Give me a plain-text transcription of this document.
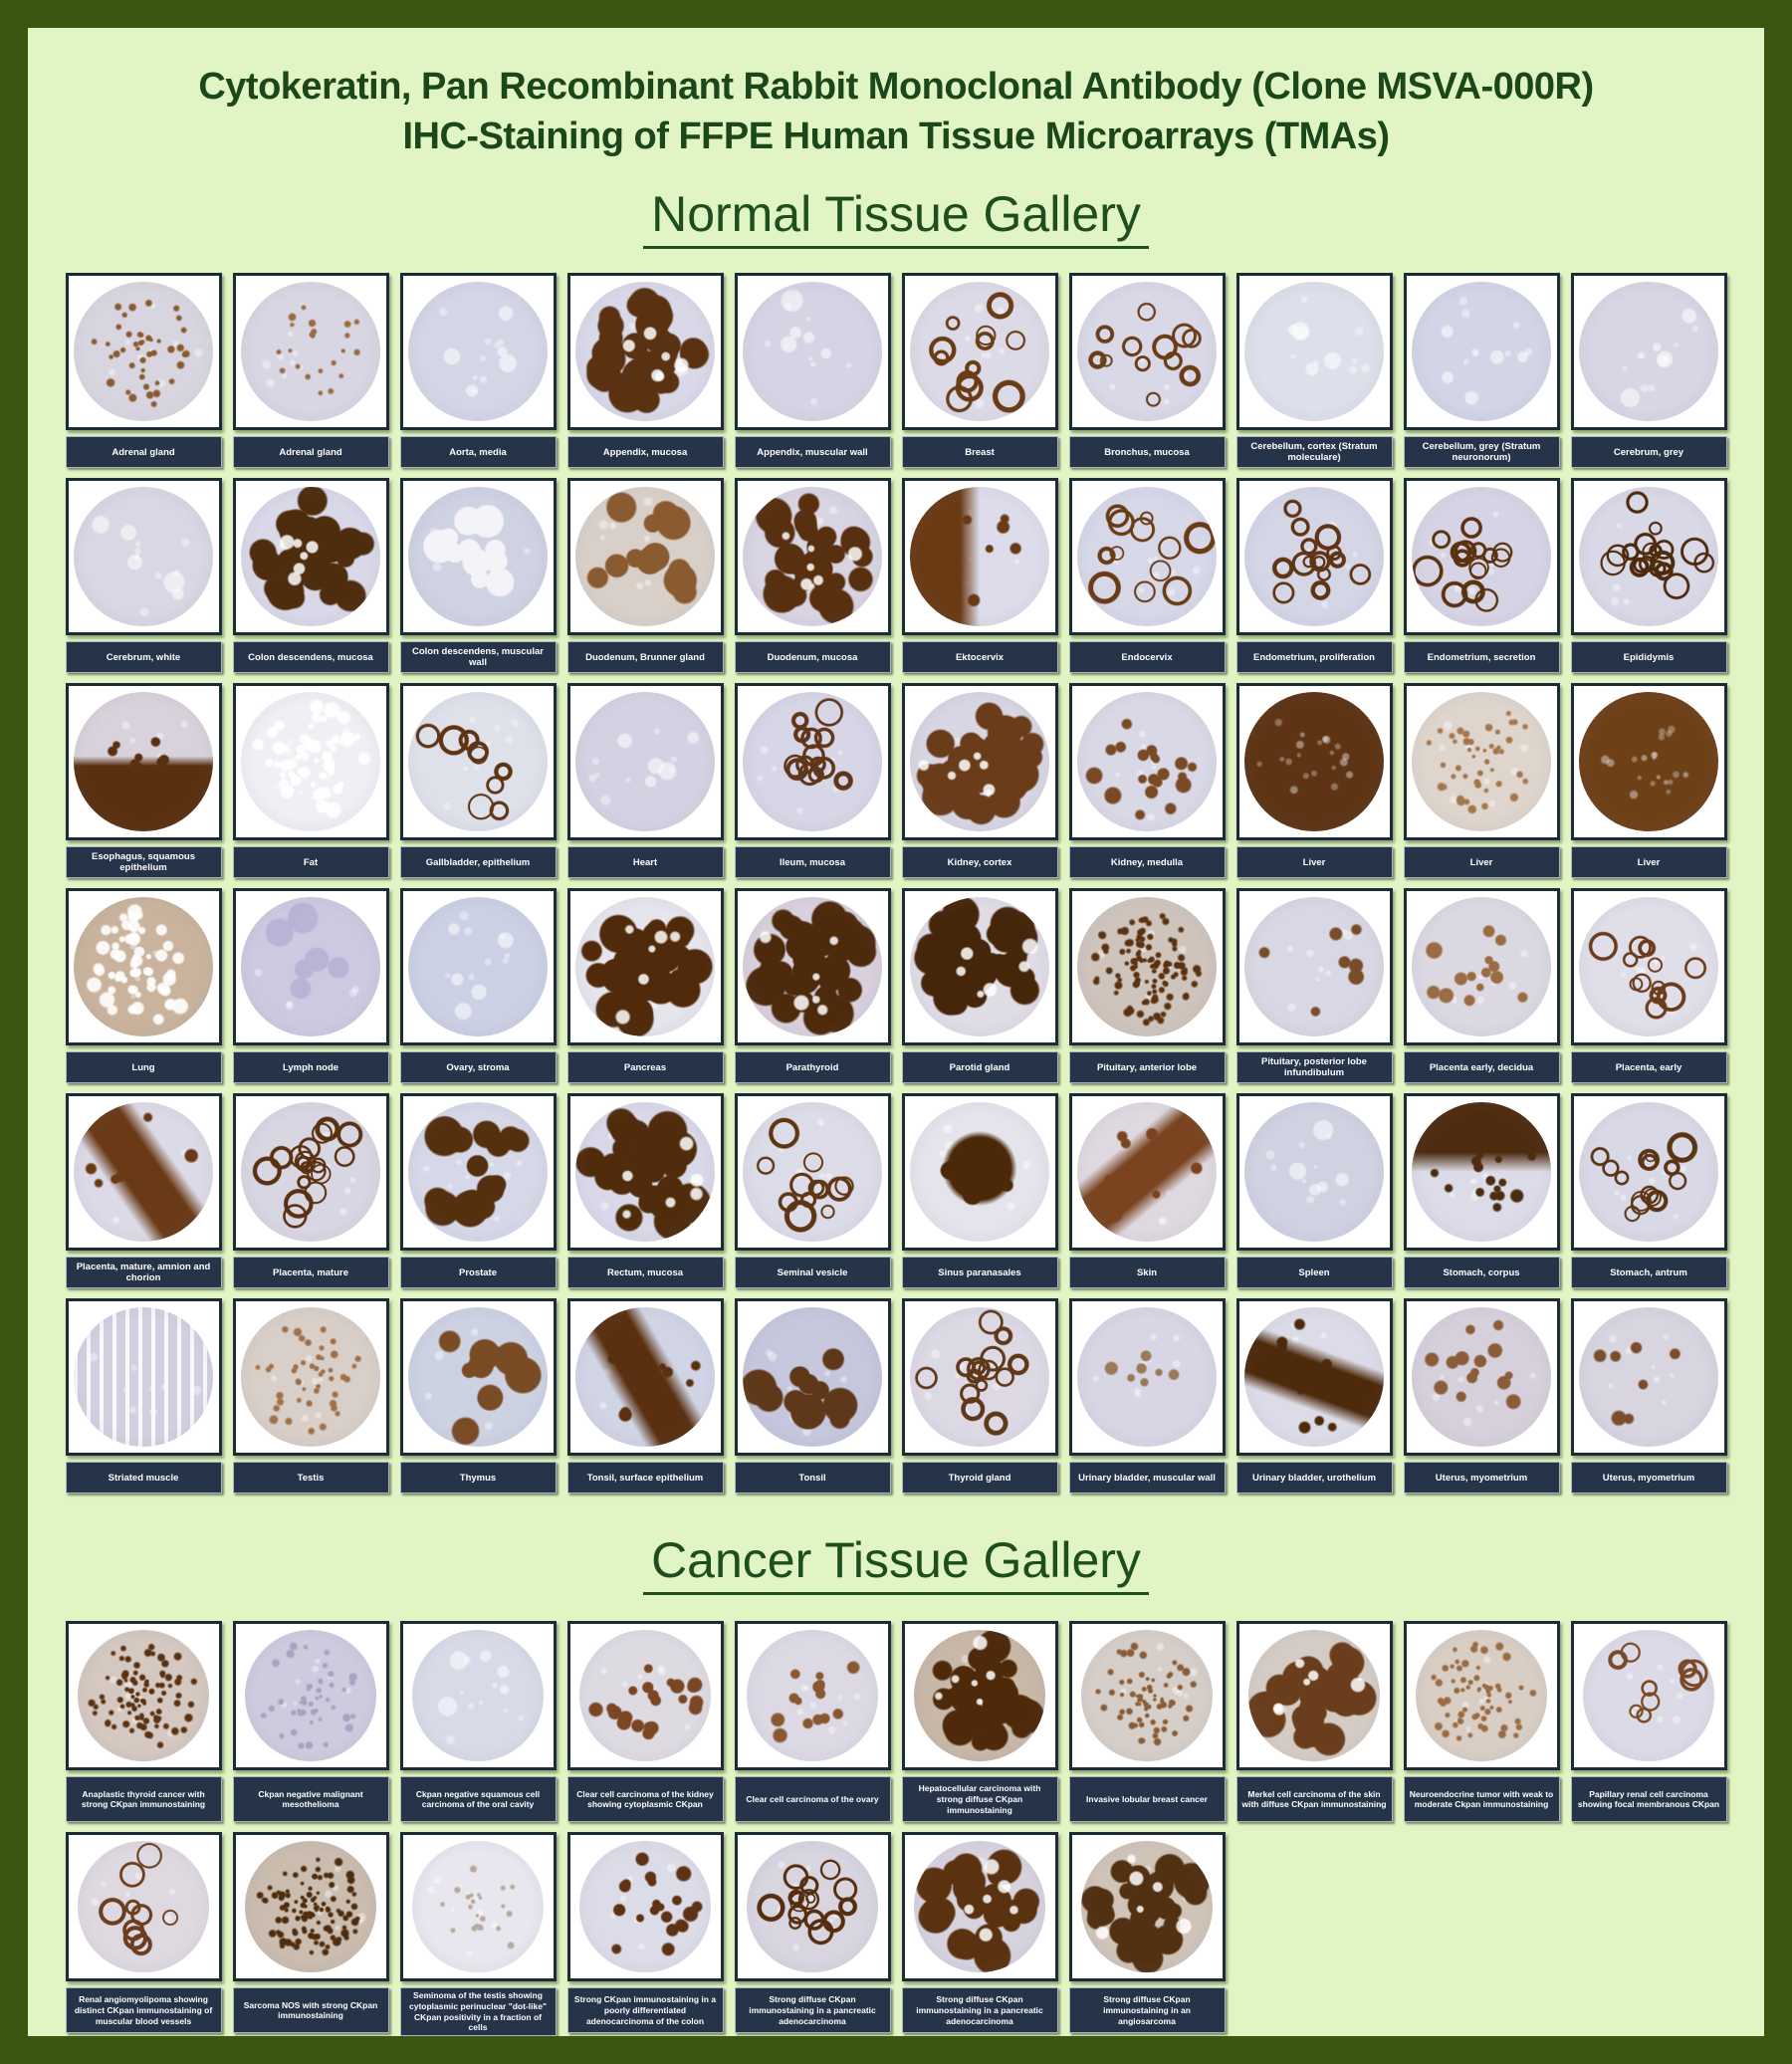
Cytokeratin, Pan Recombinant Rabbit Monoclonal Antibody (Clone MSVA-000R)
IHC-Staining of FFPE Human Tissue Microarrays (TMAs)
Normal Tissue Gallery
Adrenal gland	Adrenal gland	Aorta, media	Appendix, mucosa	Appendix, muscular wall	Breast	Bronchus, mucosa
Cerebellum, cortex (Stratum moleculare)
Cerebellum, grey (Stratum neuronorum)
Cerebrum, grey
Cerebrum, white	Colon descendens, mucosa
Colon descendens, muscular wall
Duodenum, Brunner gland	Duodenum, mucosa	Ektocervix	Endocervix	Endometrium, proliferation	Endometrium, secretion	Epididymis
Esophagus, squamous epithelium
Fat	Gallbladder, epithelium	Heart	Ileum, mucosa	Kidney, cortex	Kidney, medulla	Liver	Liver	Liver
Lung	Lymph node	Ovary, stroma	Pancreas	Parathyroid	Parotid gland	Pituitary, anterior lobe
Pituitary, posterior lobe infundibulum
Placenta early, decidua	Placenta, early
Placenta, mature, amnion and chorion
Placenta, mature	Prostate	Rectum, mucosa	Seminal vesicle	Sinus paranasales	Skin	Spleen	Stomach, corpus	Stomach, antrum
Striated muscle	Testis	Thymus	Tonsil, surface epithelium	Tonsil	Thyroid gland	Urinary bladder, muscular wall	Urinary bladder, urothelium	Uterus, myometrium	Uterus, myometrium
Cancer Tissue Gallery
Anaplastic thyroid cancer with strong CKpan immunostaining
Ckpan negative malignant mesothelioma
Ckpan negative squamous cell carcinoma of the oral cavity
Clear cell carcinoma of the kidney showing cytoplasmic CKpan
Clear cell carcinoma of the ovary
Hepatocellular carcinoma with strong diffuse CKpan immunostaining
Invasive lobular breast cancer
Merkel cell carcinoma of the skin with diffuse CKpan immunostaining
Neuroendocrine tumor with weak to moderate Ckpan immunostaining
Papillary renal cell carcinoma showing focal membranous CKpan
Renal angiomyolipoma showing distinct CKpan immunostaining of muscular blood vessels
Sarcoma NOS with strong CKpan immunostaining
Seminoma of the testis showing cytoplasmic perinuclear "dot-like" CKpan positivity in a fraction of cells
Strong CKpan immunostaining in a poorly differentiated adenocarcinoma of the colon
Strong diffuse CKpan immunostaining in a pancreatic adenocarcinoma
Strong diffuse CKpan immunostaining in a pancreatic adenocarcinoma
Strong diffuse CKpan immunostaining in an angiosarcoma
